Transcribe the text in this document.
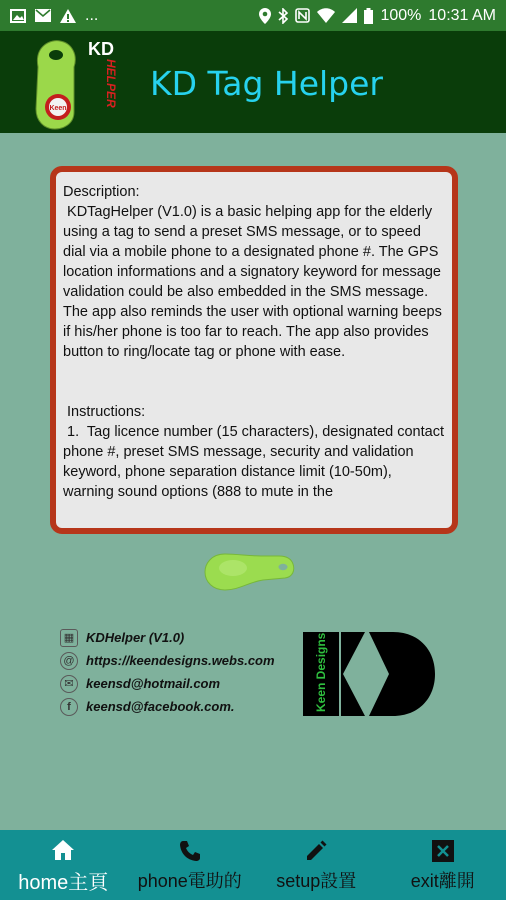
...	100% 10:31 AM
Keen
KD
HELPER KD Tag Helper
Description:
KDTagHelper (V1.0) is a basic helping app for the elderly using a tag to send a preset SMS message, or to speed dial via a mobile phone to a designated phone #. The GPS location informations and a signatory keyword for message validation could be also embedded in the SMS message. The app also reminds the user with optional warning beeps if his/her phone is too far to reach. The app also provides button to ring/locate tag or phone with ease.

Instructions:
1.  Tag licence number (15 characters), designated contact phone #, preset SMS message, security and validation keyword, phone separation distance limit (10-50m), warning sound options (888 to mute in the
▦ KDHelper (V1.0)
@ https://keendesigns.webs.com
✉ keensd@hotmail.com
f	keensd@facebook.com.	Keen Designs
home主頁 phone電助的 setup設置	exit離開
